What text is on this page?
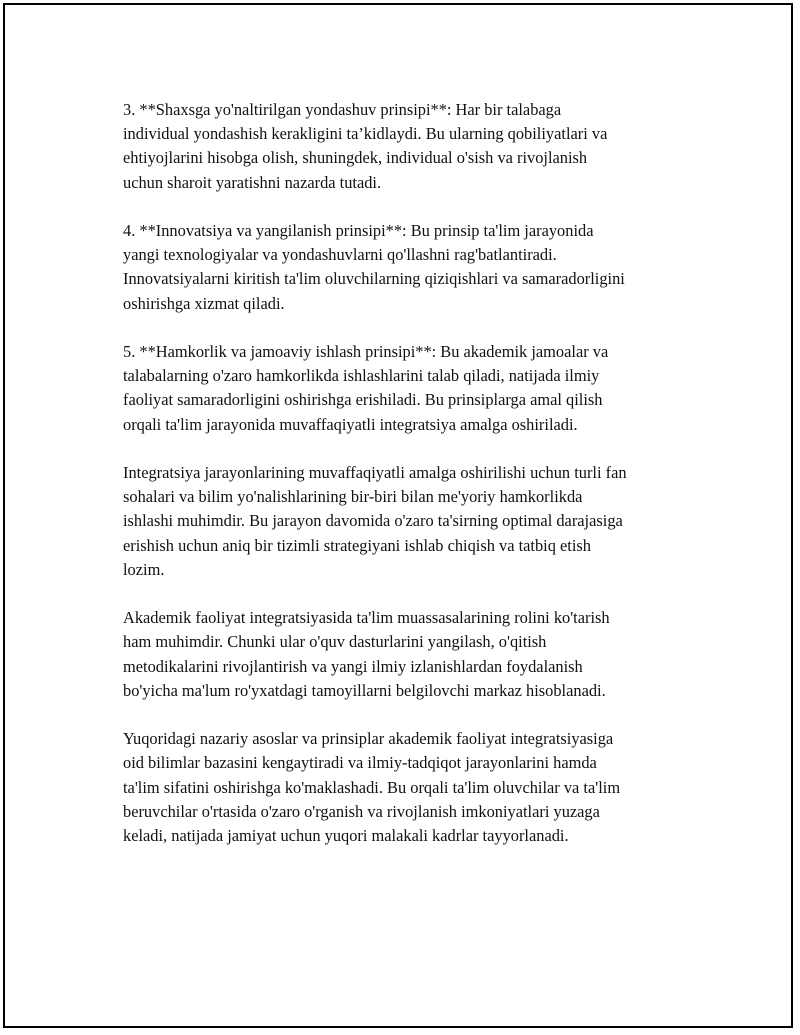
3. **Shaxsga yo'naltirilgan yondashuv prinsipi**: Har bir talabaga
individual yondashish kerakligini ta’kidlaydi. Bu ularning qobiliyatlari va
ehtiyojlarini hisobga olish, shuningdek, individual o'sish va rivojlanish
uchun sharoit yaratishni nazarda tutadi.

4. **Innovatsiya va yangilanish prinsipi**: Bu prinsip ta'lim jarayonida
yangi texnologiyalar va yondashuvlarni qo'llashni rag'batlantiradi.
Innovatsiyalarni kiritish ta'lim oluvchilarning qiziqishlari va samaradorligini
oshirishga xizmat qiladi.

5. **Hamkorlik va jamoaviy ishlash prinsipi**: Bu akademik jamoalar va
talabalarning o'zaro hamkorlikda ishlashlarini talab qiladi, natijada ilmiy
faoliyat samaradorligini oshirishga erishiladi. Bu prinsiplarga amal qilish
orqali ta'lim jarayonida muvaffaqiyatli integratsiya amalga oshiriladi.

Integratsiya jarayonlarining muvaffaqiyatli amalga oshirilishi uchun turli fan
sohalari va bilim yo'nalishlarining bir-biri bilan me'yoriy hamkorlikda
ishlashi muhimdir. Bu jarayon davomida o'zaro ta'sirning optimal darajasiga
erishish uchun aniq bir tizimli strategiyani ishlab chiqish va tatbiq etish
lozim.

Akademik faoliyat integratsiyasida ta'lim muassasalarining rolini ko'tarish
ham muhimdir. Chunki ular o'quv dasturlarini yangilash, o'qitish
metodikalarini rivojlantirish va yangi ilmiy izlanishlardan foydalanish
bo'yicha ma'lum ro'yxatdagi tamoyillarni belgilovchi markaz hisoblanadi.

Yuqoridagi nazariy asoslar va prinsiplar akademik faoliyat integratsiyasiga
oid bilimlar bazasini kengaytiradi va ilmiy-tadqiqot jarayonlarini hamda
ta'lim sifatini oshirishga ko'maklashadi. Bu orqali ta'lim oluvchilar va ta'lim
beruvchilar o'rtasida o'zaro o'rganish va rivojlanish imkoniyatlari yuzaga
keladi, natijada jamiyat uchun yuqori malakali kadrlar tayyorlanadi.
